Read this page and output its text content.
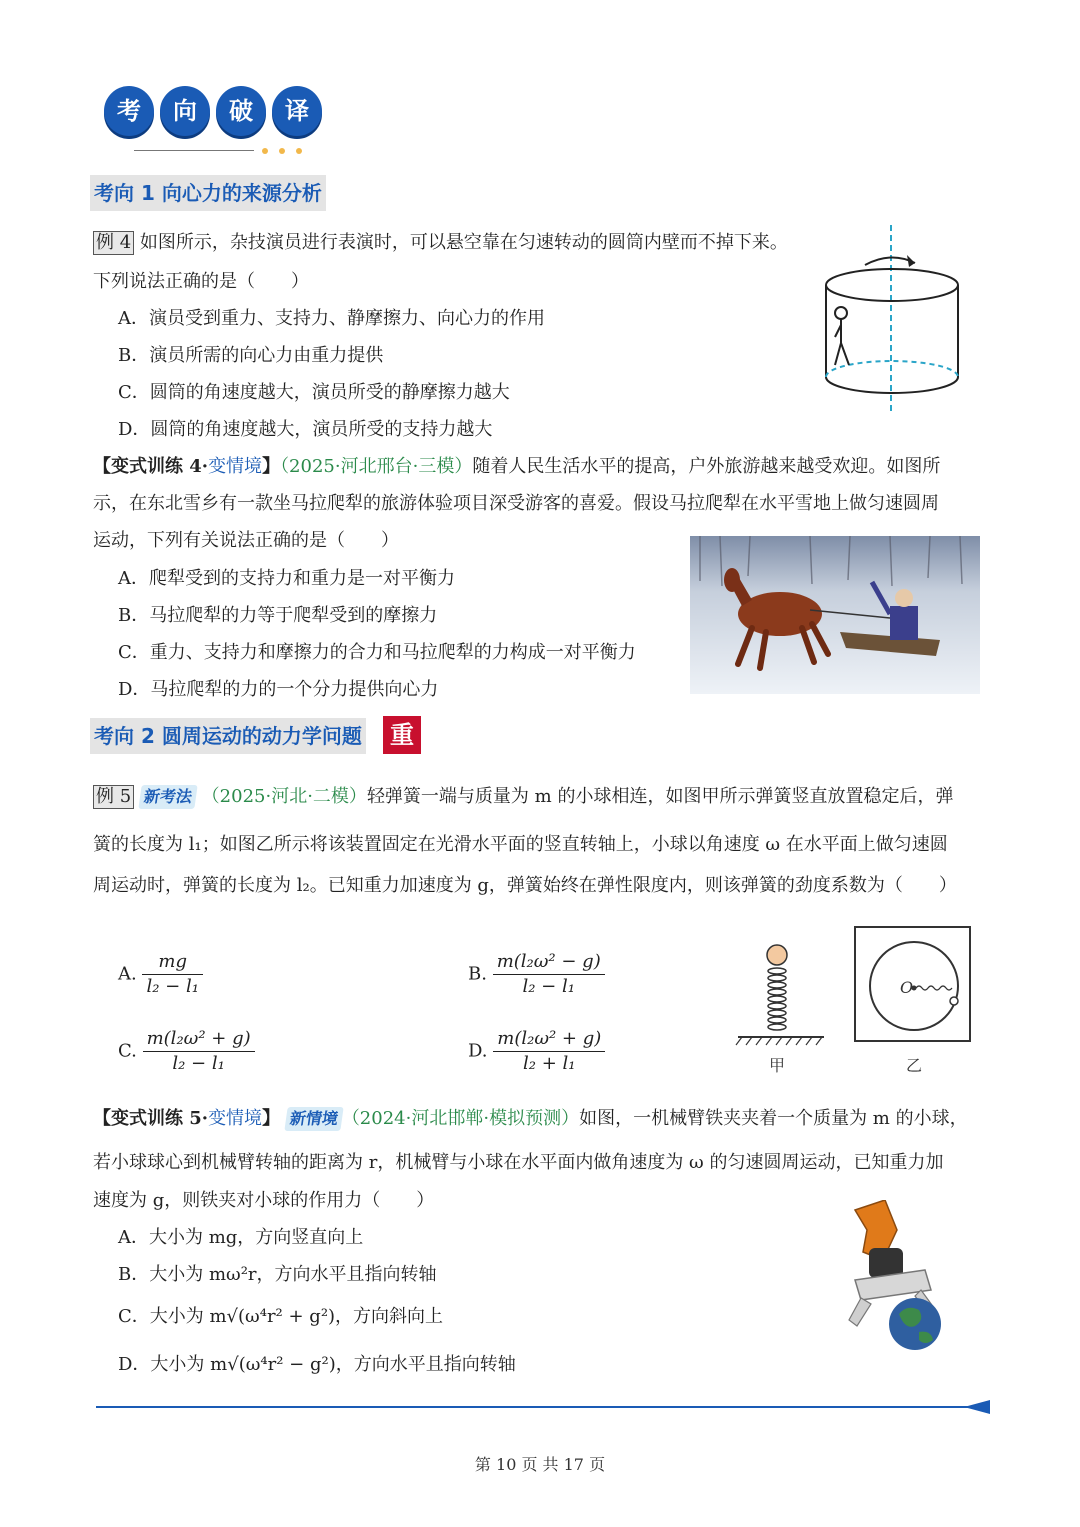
考	向	破	译
考向 1 向心力的来源分析
例 4 如图所示，杂技演员进行表演时，可以悬空靠在匀速转动的圆筒内壁而不掉下来。
下列说法正确的是（　　）
A．演员受到重力、支持力、静摩擦力、向心力的作用
B．演员所需的向心力由重力提供
C．圆筒的角速度越大，演员所受的静摩擦力越大
D．圆筒的角速度越大，演员所受的支持力越大
【变式训练 4·变情境】（2025·河北邢台·三模）随着人民生活水平的提高，户外旅游越来越受欢迎。如图所
示，在东北雪乡有一款坐马拉爬犁的旅游体验项目深受游客的喜爱。假设马拉爬犁在水平雪地上做匀速圆周
运动，下列有关说法正确的是（　　）
A．爬犁受到的支持力和重力是一对平衡力
B．马拉爬犁的力等于爬犁受到的摩擦力
C．重力、支持力和摩擦力的合力和马拉爬犁的力构成一对平衡力
D．马拉爬犁的力的一个分力提供向心力
考向 2 圆周运动的动力学问题 重
例 5 新考法 （2025·河北·二模）轻弹簧一端与质量为 m 的小球相连，如图甲所示弹簧竖直放置稳定后，弹
簧的长度为 l₁；如图乙所示将该装置固定在光滑水平面的竖直转轴上，小球以角速度 ω 在水平面上做匀速圆
周运动时，弹簧的长度为 l₂。已知重力加速度为 g，弹簧始终在弹性限度内，则该弹簧的劲度系数为（　　）
A. $\frac{mg}{\text{l₂ − l₁}}$	B. $\frac{\text{m(l₂ω² − g)}}{\text{l₂ − l₁}}$
C. $\frac{\text{m(l₂ω² + g)}}{\text{l₂ − l₁}}$	D. $\frac{\text{m(l₂ω² + g)}}{\text{l₂ + l₁}}$	甲
O
乙
【变式训练 5·变情境】 新情境 （2024·河北邯郸·模拟预测）如图，一机械臂铁夹夹着一个质量为 m 的小球，
若小球球心到机械臂转轴的距离为 r，机械臂与小球在水平面内做角速度为 ω 的匀速圆周运动，已知重力加
速度为 g，则铁夹对小球的作用力（　　）
A．大小为 mg，方向竖直向上
B．大小为 mω²r，方向水平且指向转轴
C．大小为 m√(ω⁴r² + g²)，方向斜向上
D．大小为 m√(ω⁴r² − g²)，方向水平且指向转轴
第 10 页 共 17 页
